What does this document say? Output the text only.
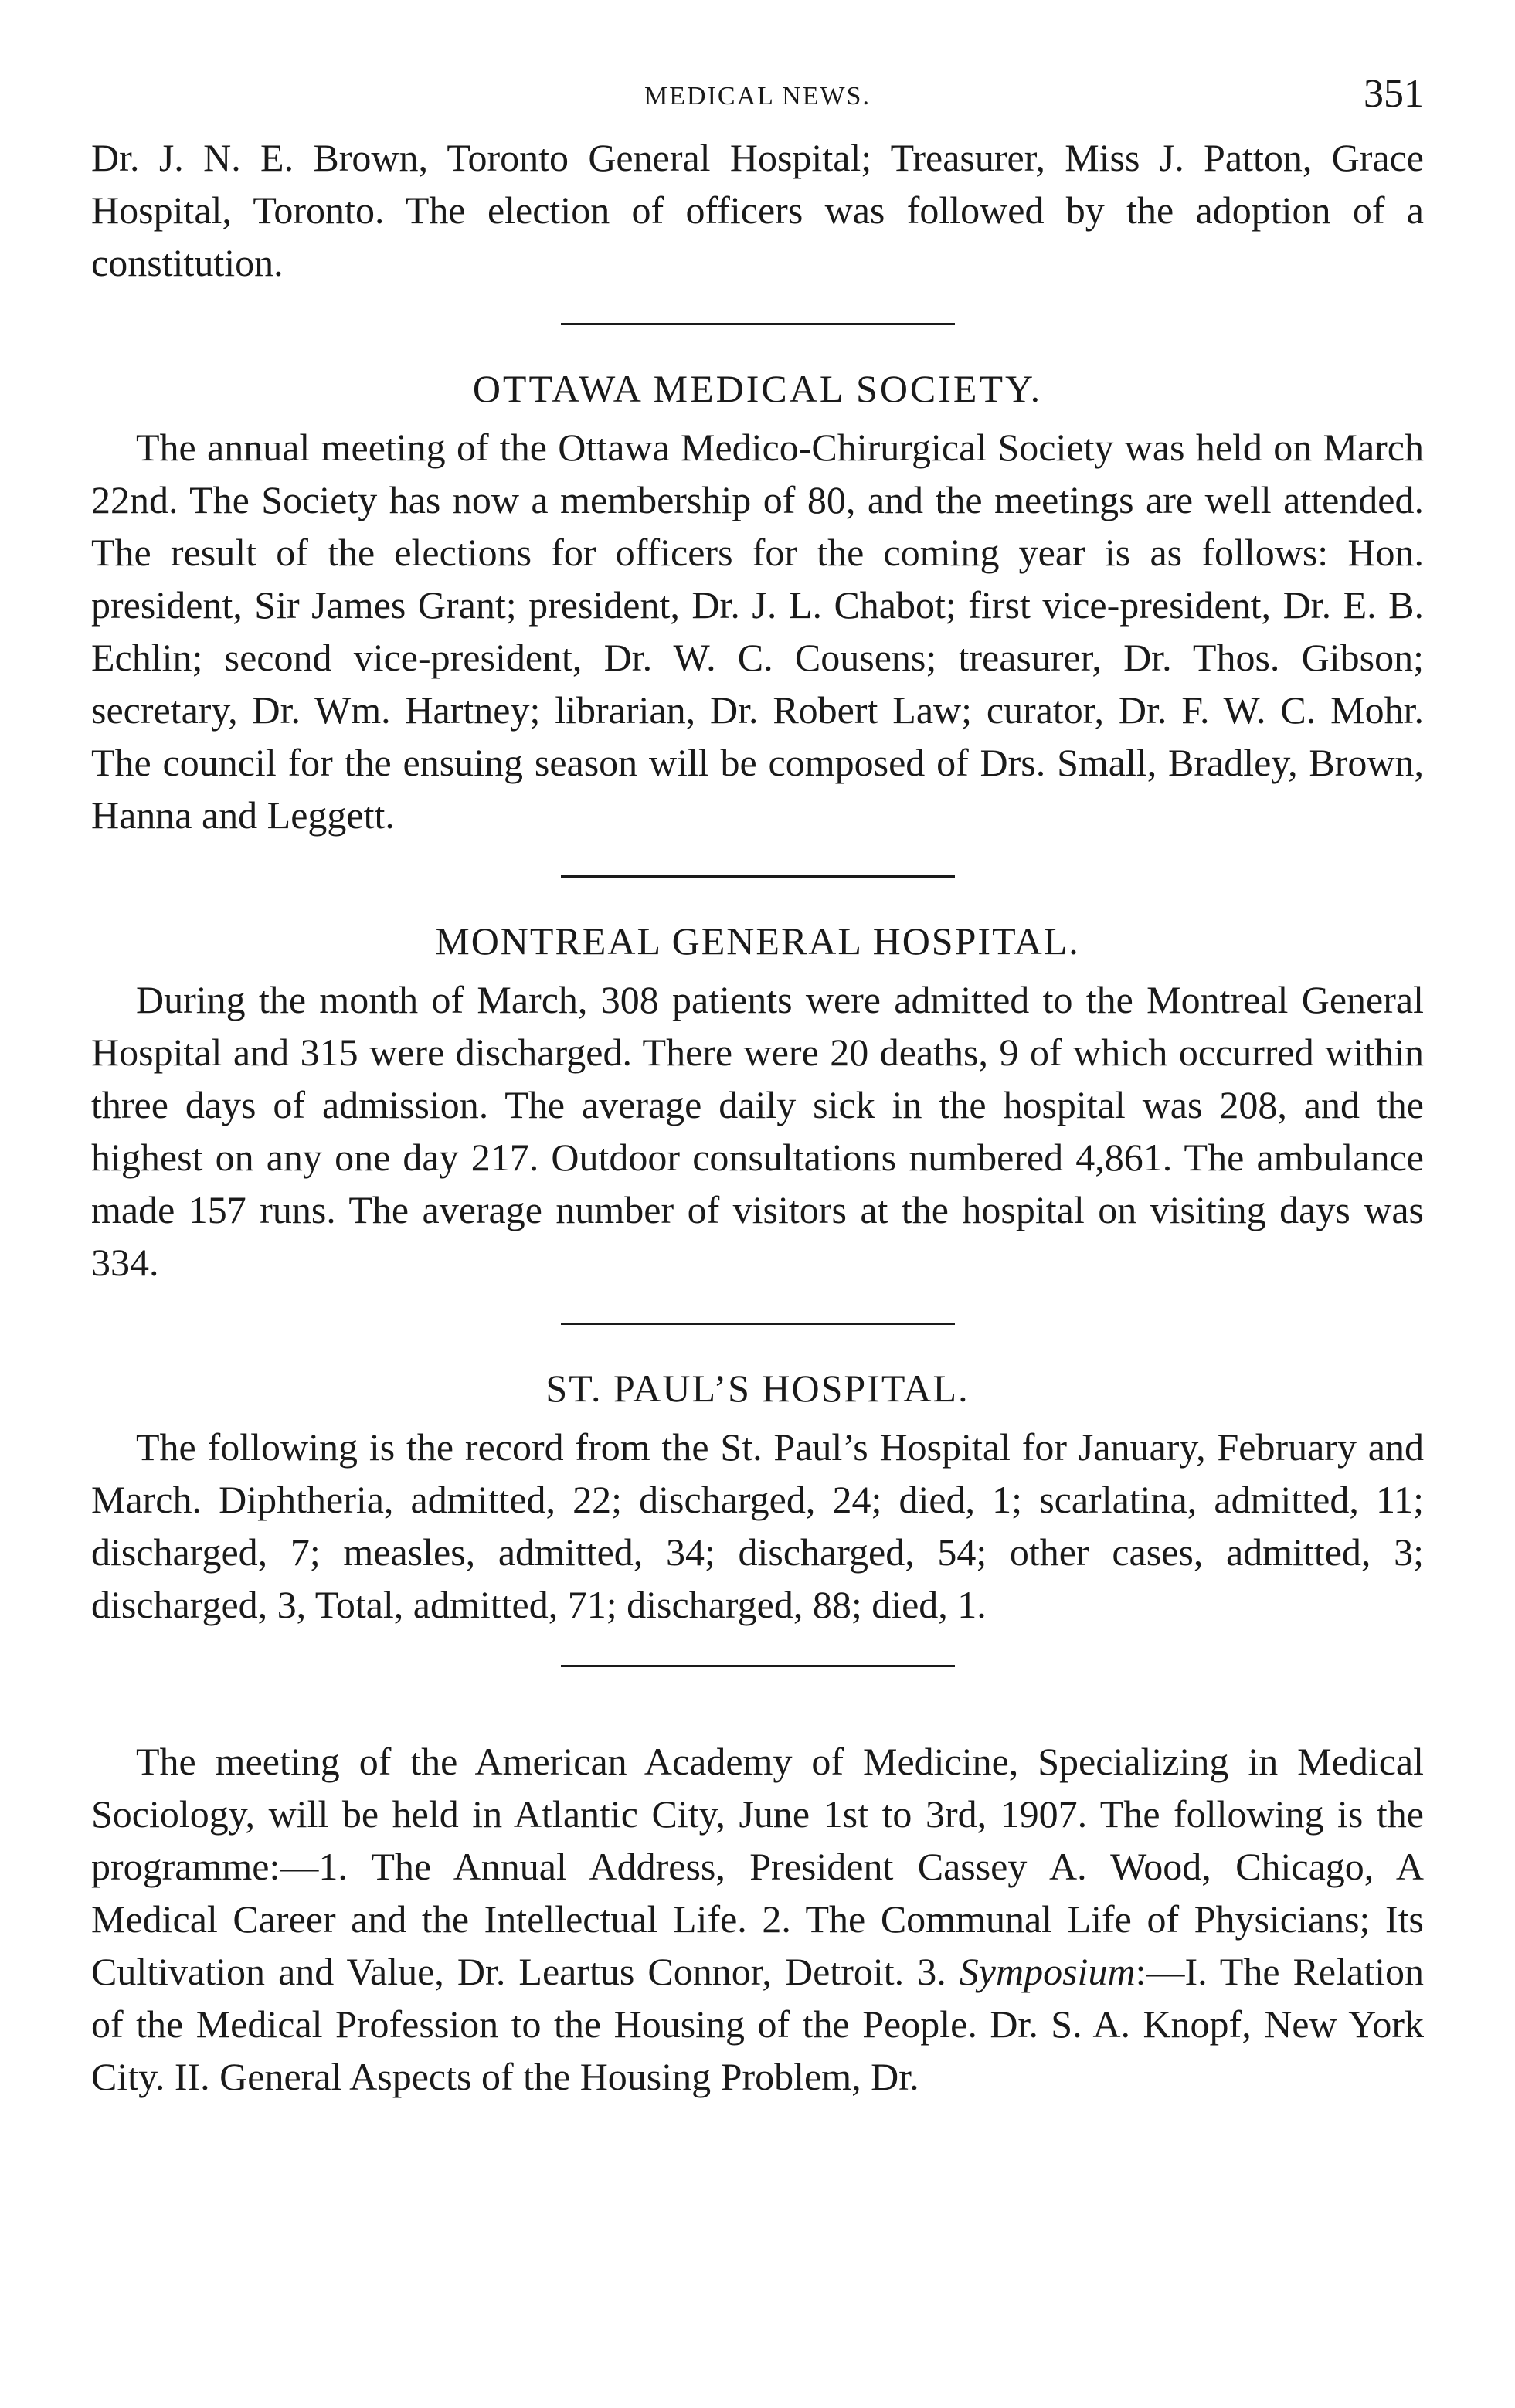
MEDICAL NEWS.	351

Dr. J. N. E. Brown, Toronto General Hospital; Treasurer, Miss J. Patton, Grace Hospital, Toronto. The election of officers was followed by the adoption of a constitution.

OTTAWA MEDICAL SOCIETY.

The annual meeting of the Ottawa Medico-Chirurgical Society was held on March 22nd. The Society has now a membership of 80, and the meetings are well attended. The result of the elections for officers for the coming year is as follows: Hon. president, Sir James Grant; president, Dr. J. L. Chabot; first vice-president, Dr. E. B. Echlin; second vice-president, Dr. W. C. Cousens; treasurer, Dr. Thos. Gibson; secretary, Dr. Wm. Hartney; librarian, Dr. Robert Law; curator, Dr. F. W. C. Mohr. The council for the ensuing season will be composed of Drs. Small, Bradley, Brown, Hanna and Leggett.

MONTREAL GENERAL HOSPITAL.

During the month of March, 308 patients were admitted to the Montreal General Hospital and 315 were discharged. There were 20 deaths, 9 of which occurred within three days of admission. The average daily sick in the hospital was 208, and the highest on any one day 217. Outdoor consultations numbered 4,861. The ambulance made 157 runs. The average number of visitors at the hospital on visiting days was 334.

ST. PAUL’S HOSPITAL.

The following is the record from the St. Paul’s Hospital for January, February and March. Diphtheria, admitted, 22; discharged, 24; died, 1; scarlatina, admitted, 11; discharged, 7; measles, admitted, 34; discharged, 54; other cases, admitted, 3; discharged, 3, Total, admitted, 71; discharged, 88; died, 1.

The meeting of the American Academy of Medicine, Specializing in Medical Sociology, will be held in Atlantic City, June 1st to 3rd, 1907. The following is the programme:—1. The Annual Address, President Cassey A. Wood, Chicago, A Medical Career and the Intellectual Life. 2. The Communal Life of Physicians; Its Cultivation and Value, Dr. Leartus Connor, Detroit. 3. Symposium:—I. The Relation of the Medical Profession to the Housing of the People. Dr. S. A. Knopf, New York City. II. General Aspects of the Housing Problem, Dr.
